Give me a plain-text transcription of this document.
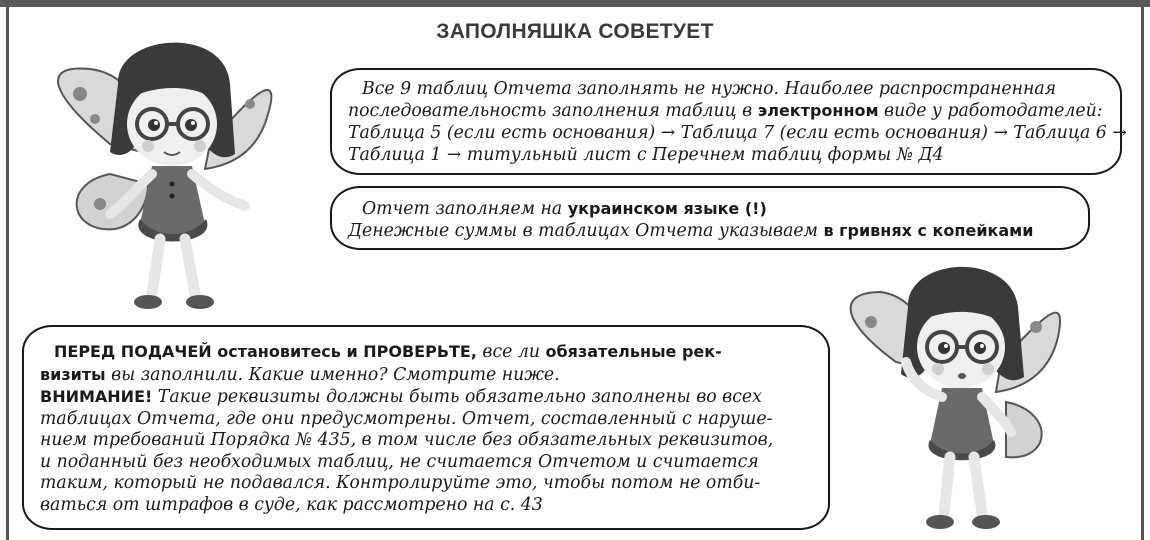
ЗАПОЛНЯШКА СОВЕТУЕТ
Все 9 таблиц Отчета заполнять не нужно. Наиболее распространенная
последовательность заполнения таблиц в электронном виде у работодателей:
Таблица 5 (если есть основания) → Таблица 7 (если есть основания) → Таблица 6 →
Таблица 1 → титульный лист с Перечнем таблиц формы № Д4
Отчет заполняем на украинском языке (!)
Денежные суммы в таблицах Отчета указываем в гривнях с копейками
ПЕРЕД ПОДАЧЕЙ остановитесь и ПРОВЕРЬТЕ, все ли обязательные рек-
визиты вы заполнили. Какие именно? Смотрите ниже.
ВНИМАНИЕ! Такие реквизиты должны быть обязательно заполнены во всех
таблицах Отчета, где они предусмотрены. Отчет, составленный с наруше-
нием требований Порядка № 435, в том числе без обязательных реквизитов,
и поданный без необходимых таблиц, не считается Отчетом и считается
таким, который не подавался. Контролируйте это, чтобы потом не отби-
ваться от штрафов в суде, как рассмотрено на с. 43
